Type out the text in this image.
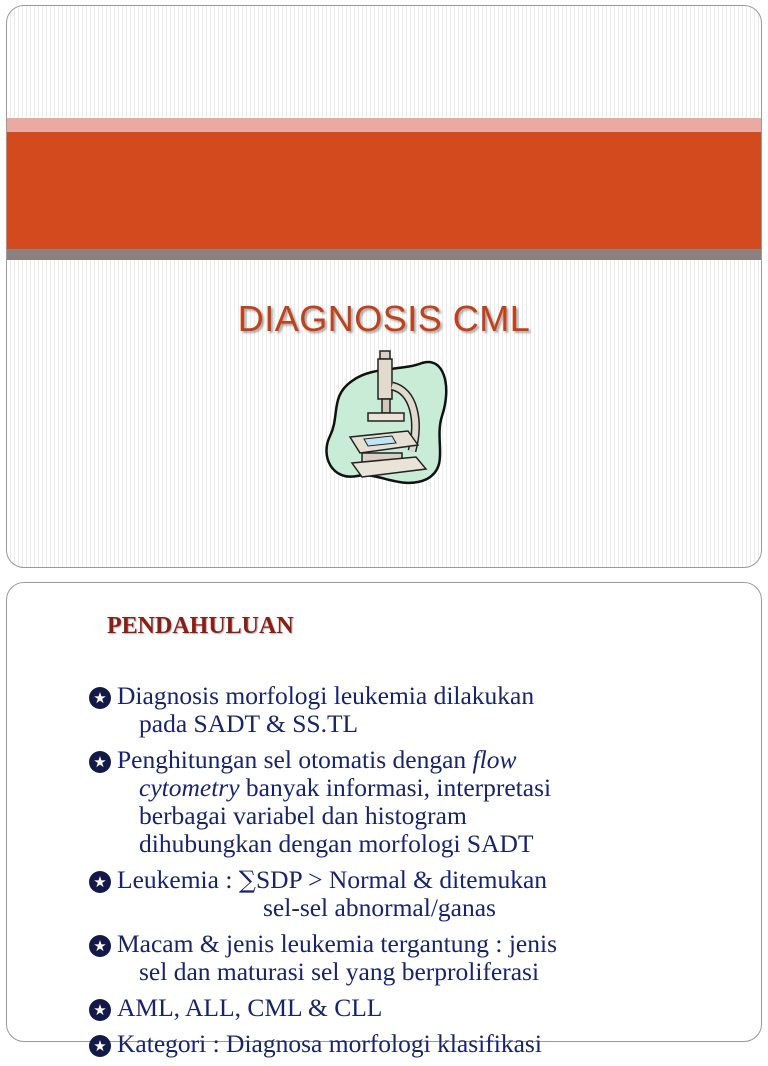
DIAGNOSIS CML
PENDAHULUAN
★ Diagnosis morfologi leukemia dilakukan
pada SADT & SS.TL
★ Penghitungan sel otomatis dengan flow
cytometry banyak informasi, interpretasi
berbagai variabel dan histogram
dihubungkan dengan morfologi SADT
★ Leukemia : ∑SDP > Normal & ditemukan
sel-sel abnormal/ganas
★ Macam & jenis leukemia tergantung : jenis
sel dan maturasi sel yang berproliferasi
★ AML, ALL, CML & CLL
★ Kategori : Diagnosa morfologi klasifikasi
